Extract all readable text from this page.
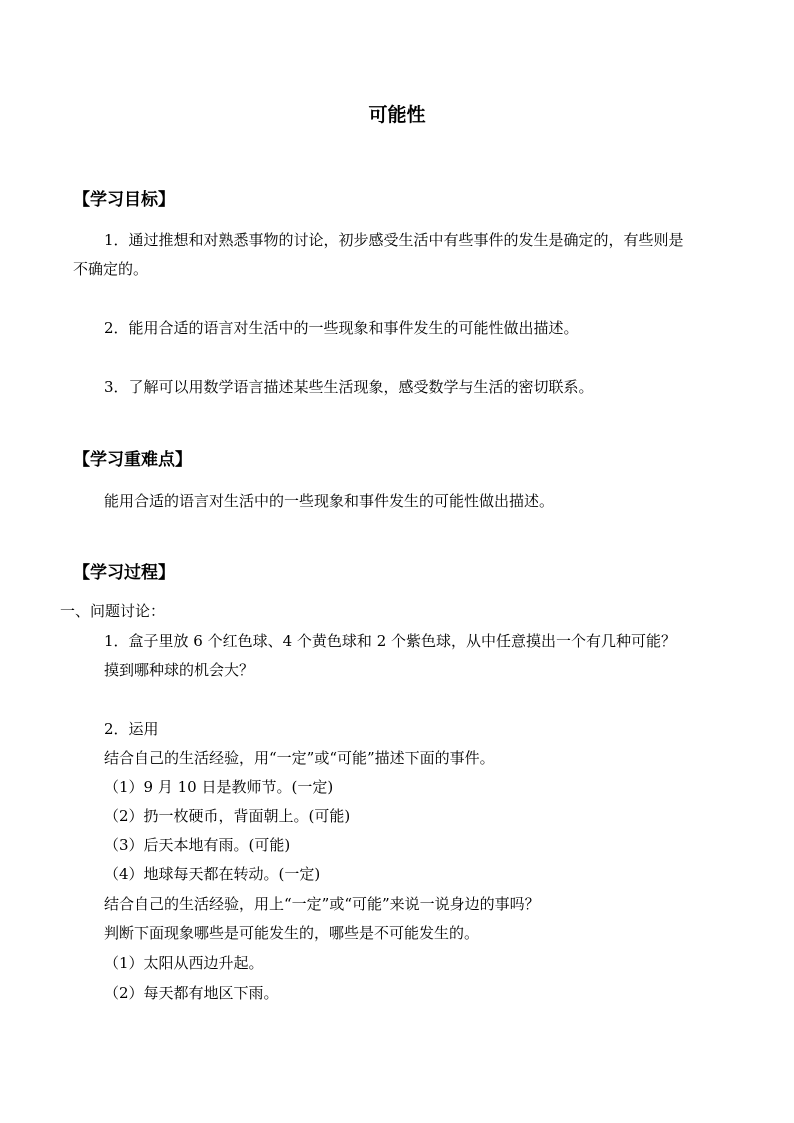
可能性
【学习目标】
1．通过推想和对熟悉事物的讨论，初步感受生活中有些事件的发生是确定的，有些则是
不确定的。
2．能用合适的语言对生活中的一些现象和事件发生的可能性做出描述。
3．了解可以用数学语言描述某些生活现象，感受数学与生活的密切联系。
【学习重难点】
能用合适的语言对生活中的一些现象和事件发生的可能性做出描述。
【学习过程】
一、问题讨论：
1．盒子里放 6 个红色球、4 个黄色球和 2 个紫色球，从中任意摸出一个有几种可能？
摸到哪种球的机会大？
2．运用
结合自己的生活经验，用“一定”或“可能”描述下面的事件。
（1）9 月 10 日是教师节。(一定)
（2）扔一枚硬币，背面朝上。(可能)
（3）后天本地有雨。(可能)
（4）地球每天都在转动。(一定)
结合自己的生活经验，用上“一定”或“可能”来说一说身边的事吗？
判断下面现象哪些是可能发生的，哪些是不可能发生的。
（1）太阳从西边升起。
（2）每天都有地区下雨。
